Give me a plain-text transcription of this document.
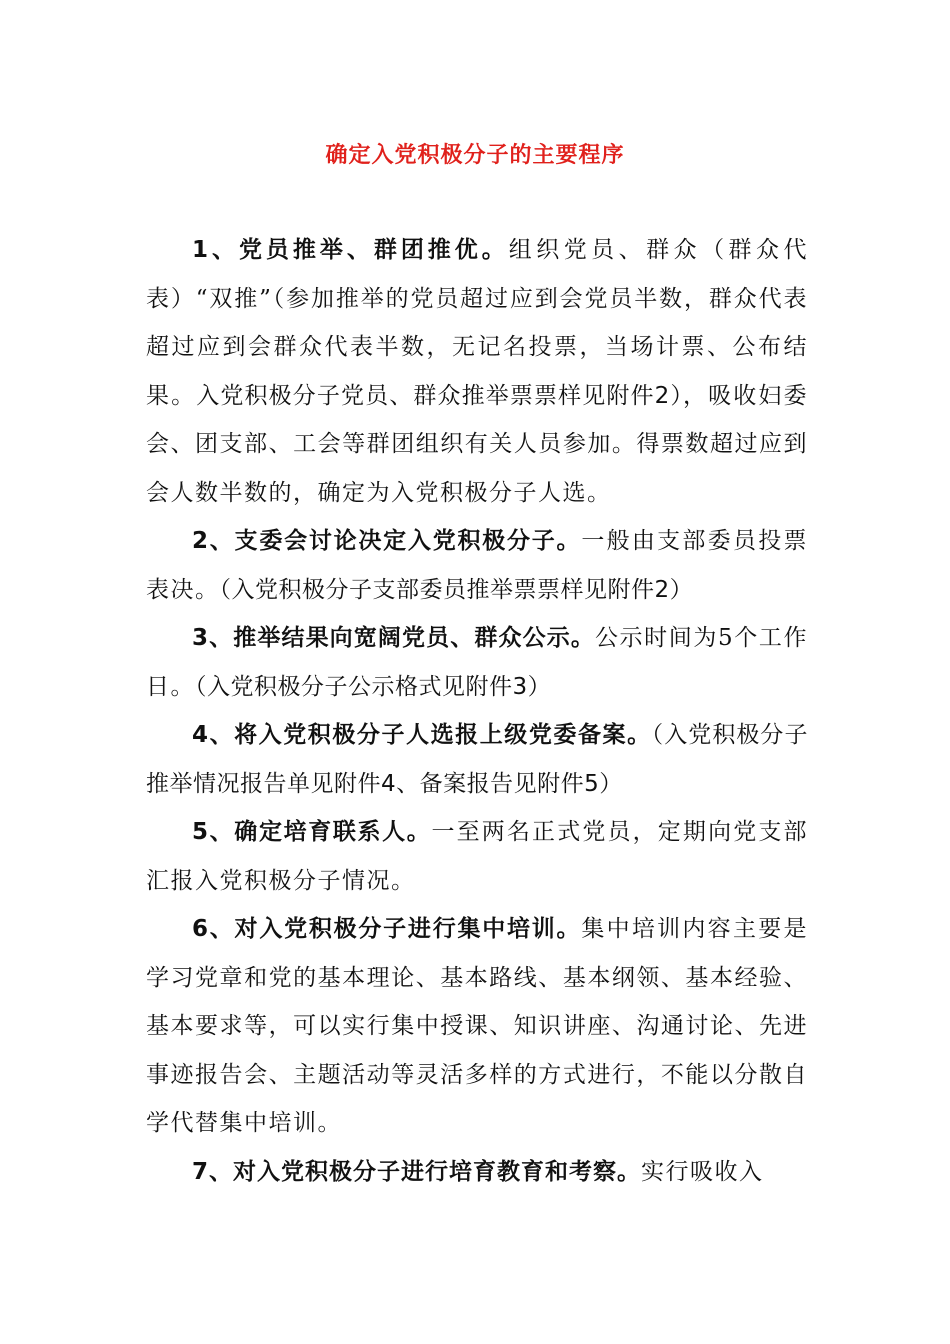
确定入党积极分子的主要程序

1、党员推举、群团推优。组织党员、群众（群众代表）“双推”（参加推举的党员超过应到会党员半数，群众代表超过应到会群众代表半数，无记名投票，当场计票、公布结果。入党积极分子党员、群众推举票票样见附件2），吸收妇委会、团支部、工会等群团组织有关人员参加。得票数超过应到会人数半数的，确定为入党积极分子人选。

2、支委会讨论决定入党积极分子。一般由支部委员投票表决。（入党积极分子支部委员推举票票样见附件2）

3、推举结果向宽阔党员、群众公示。公示时间为5个工作日。（入党积极分子公示格式见附件3）

4、将入党积极分子人选报上级党委备案。（入党积极分子推举情况报告单见附件4、备案报告见附件5）

5、确定培育联系人。一至两名正式党员，定期向党支部汇报入党积极分子情况。

6、对入党积极分子进行集中培训。集中培训内容主要是学习党章和党的基本理论、基本路线、基本纲领、基本经验、基本要求等，可以实行集中授课、知识讲座、沟通讨论、先进事迹报告会、主题活动等灵活多样的方式进行，不能以分散自学代替集中培训。

7、对入党积极分子进行培育教育和考察。实行吸收入
